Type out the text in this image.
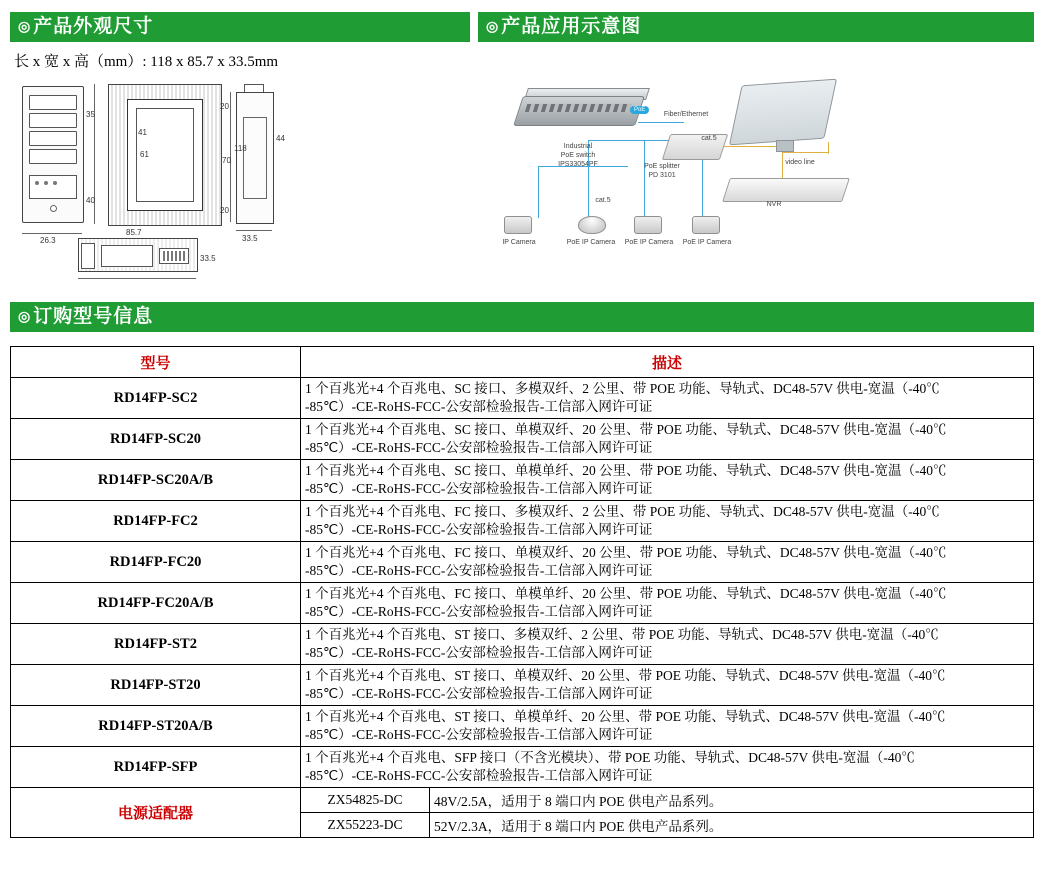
◎ 产品外观尺寸	◎ 产品应用示意图
长 x 宽 x 高（mm）: 118 x 85.7 x 33.5mm
41
61
20
35
40
70
118
44
20
26.3
85.7
33.5
33.5
PoE
Industrial
PoE switch
IPS33054PF	PoE splitter
PD 3101
NVR
IP Camera	PoE IP Camera	PoE IP Camera	PoE IP Camera
cat.5
cat.5
video line
Fiber/Ethernet
◎ 订购型号信息
型号	描述
RD14FP-SC2	
1 个百兆光+4 个百兆电、SC 接口、多模双纤、2 公里、带 POE 功能、导轨式、DC48-57V 供电-宽温（-40℃
-85℃）-CE-RoHS-FCC-公安部检验报告-工信部入网许可证

RD14FP-SC20	
1 个百兆光+4 个百兆电、SC 接口、单模双纤、20 公里、带 POE 功能、导轨式、DC48-57V 供电-宽温（-40℃
-85℃）-CE-RoHS-FCC-公安部检验报告-工信部入网许可证

RD14FP-SC20A/B	
1 个百兆光+4 个百兆电、SC 接口、单模单纤、20 公里、带 POE 功能、导轨式、DC48-57V 供电-宽温（-40℃
-85℃）-CE-RoHS-FCC-公安部检验报告-工信部入网许可证

RD14FP-FC2	
1 个百兆光+4 个百兆电、FC 接口、多模双纤、2 公里、带 POE 功能、导轨式、DC48-57V 供电-宽温（-40℃
-85℃）-CE-RoHS-FCC-公安部检验报告-工信部入网许可证

RD14FP-FC20	
1 个百兆光+4 个百兆电、FC 接口、单模双纤、20 公里、带 POE 功能、导轨式、DC48-57V 供电-宽温（-40℃
-85℃）-CE-RoHS-FCC-公安部检验报告-工信部入网许可证

RD14FP-FC20A/B	
1 个百兆光+4 个百兆电、FC 接口、单模单纤、20 公里、带 POE 功能、导轨式、DC48-57V 供电-宽温（-40℃
-85℃）-CE-RoHS-FCC-公安部检验报告-工信部入网许可证

RD14FP-ST2	
1 个百兆光+4 个百兆电、ST 接口、多模双纤、2 公里、带 POE 功能、导轨式、DC48-57V 供电-宽温（-40℃
-85℃）-CE-RoHS-FCC-公安部检验报告-工信部入网许可证

RD14FP-ST20	
1 个百兆光+4 个百兆电、ST 接口、单模双纤、20 公里、带 POE 功能、导轨式、DC48-57V 供电-宽温（-40℃
-85℃）-CE-RoHS-FCC-公安部检验报告-工信部入网许可证

RD14FP-ST20A/B	
1 个百兆光+4 个百兆电、ST 接口、单模单纤、20 公里、带 POE 功能、导轨式、DC48-57V 供电-宽温（-40℃
-85℃）-CE-RoHS-FCC-公安部检验报告-工信部入网许可证

RD14FP-SFP	
1 个百兆光+4 个百兆电、SFP 接口（不含光模块）、带 POE 功能、导轨式、DC48-57V 供电-宽温（-40℃
-85℃）-CE-RoHS-FCC-公安部检验报告-工信部入网许可证

电源适配器	
ZX54825-DC	48V/2.5A，适用于 8 端口内 POE 供电产品系列。

ZX55223-DC	52V/2.3A，适用于 8 端口内 POE 供电产品系列。
